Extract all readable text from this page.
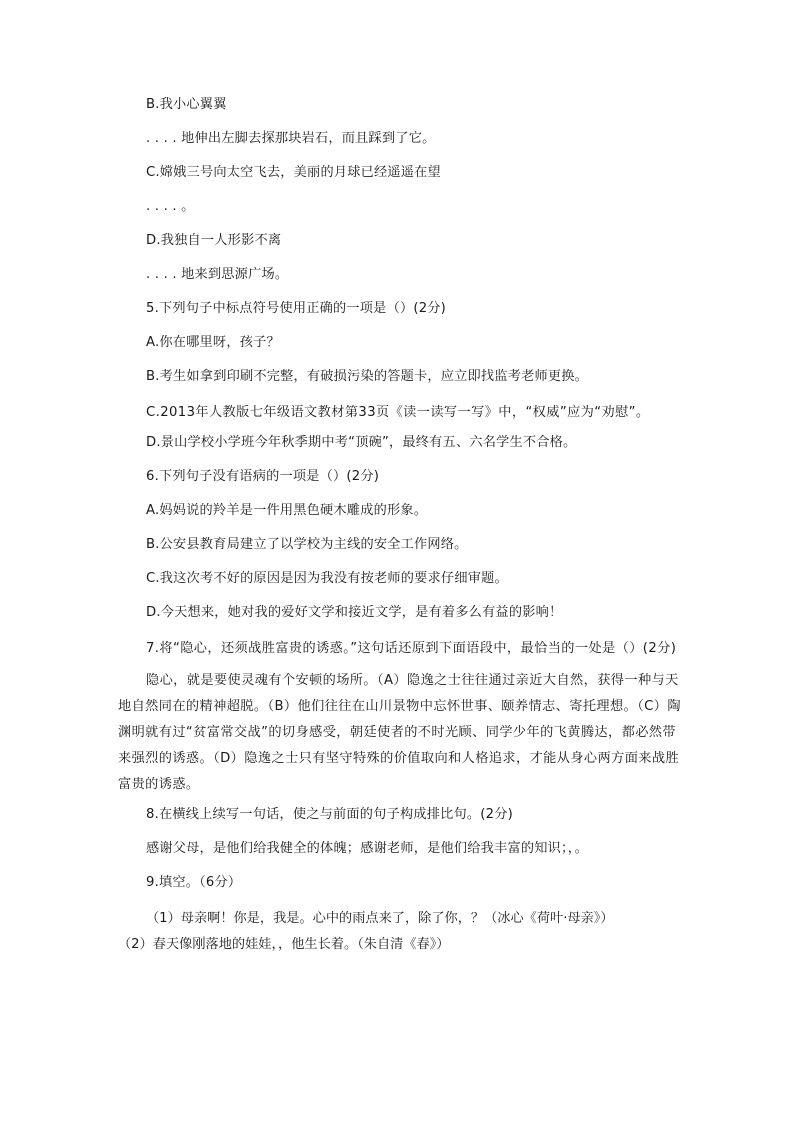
B.我小心翼翼

. . . . 地伸出左脚去探那块岩石，而且踩到了它。

C.嫦娥三号向太空飞去，美丽的月球已经遥遥在望

. . . . 。

D.我独自一人形影不离

. . . . 地来到思源广场。

5.下列句子中标点符号使用正确的一项是（）(2分)

A.你在哪里呀，孩子？

B.考生如拿到印刷不完整，有破损污染的答题卡，应立即找监考老师更换。

C.2013年人教版七年级语文教材第33页《读一读写一写》中，“权威”应为“劝慰”。

D.景山学校小学班今年秋季期中考“顶碗”，最终有五、六名学生不合格。

6.下列句子没有语病的一项是（）(2分)

A.妈妈说的羚羊是一件用黑色硬木雕成的形象。

B.公安县教育局建立了以学校为主线的安全工作网络。

C.我这次考不好的原因是因为我没有按老师的要求仔细审题。

D.今天想来，她对我的爱好文学和接近文学，是有着多么有益的影响！

7.将“隐心，还须战胜富贵的诱惑。”这句话还原到下面语段中，最恰当的一处是（）(2分)

隐心，就是要使灵魂有个安顿的场所。（A）隐逸之士往往通过亲近大自然，获得一种与天地自然同在的精神超脱。（B）他们往往在山川景物中忘怀世事、颐养情志、寄托理想。（C）陶渊明就有过“贫富常交战”的切身感受，朝廷使者的不时光顾、同学少年的飞黄腾达，都必然带来强烈的诱惑。（D）隐逸之士只有坚守特殊的价值取向和人格追求，才能从身心两方面来战胜富贵的诱惑。

8.在横线上续写一句话，使之与前面的句子构成排比句。(2分)

感谢父母，是他们给我健全的体魄；感谢老师，是他们给我丰富的知识；，。

9.填空。（6分）

（1）母亲啊！你是，我是。心中的雨点来了，除了你，？（冰心《荷叶·母亲》）

（2）春天像刚落地的娃娃，，他生长着。（朱自清《春》）
